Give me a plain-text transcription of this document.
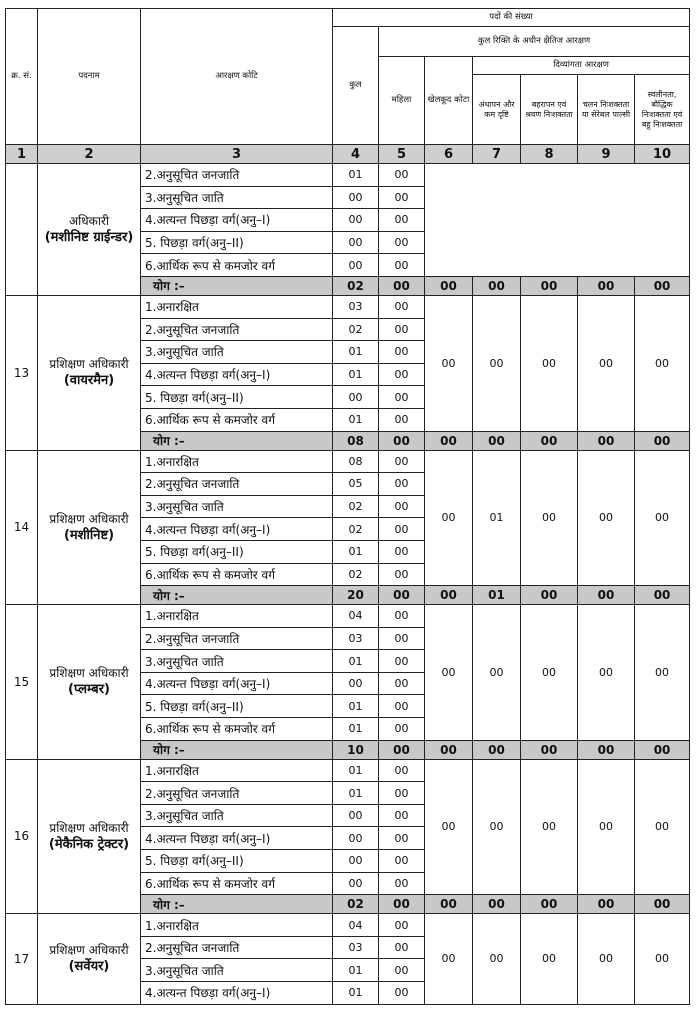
क्र. सं.	पदनाम	आरक्षण कोटि	पदों की संख्या						
			कुल	कुल रिक्ति के अधीन क्षैतिज आरक्षण					
				महिला	खेलकूद कोटा	दिव्यांगता आरक्षण			
						अंधापन और कम दृष्टि	बहरापन एवं श्रवण निःशक्तता	चलन निःशक्तता या सेरेबल पाल्सी	स्वलीनता, बौद्धिक निःशक्तता एवं बहु निःशक्तता
1	2	3	4	5	6	7	8	9	10

	अधिकारी
(मशीनिष्ट ग्राईन्डर)	2.अनुसूचित जनजाति	01	00					
		3.अनुसूचित जाति	00	00					
		4.अत्यन्त पिछड़ा वर्ग(अनु–I)	00	00					
		5. पिछड़ा वर्ग(अनु–II)	00	00					
		6.आर्थिक रूप से कमजोर वर्ग	00	00					
		योग :–	02	00	00	00	00	00	00
13	प्रशिक्षण अधिकारी
(वायरमैन)	1.अनारक्षित	03	00	00	00	00	00	00
		2.अनुसूचित जनजाति	02	00					
		3.अनुसूचित जाति	01	00					
		4.अत्यन्त पिछड़ा वर्ग(अनु–I)	01	00					
		5. पिछड़ा वर्ग(अनु–II)	00	00					
		6.आर्थिक रूप से कमजोर वर्ग	01	00					
		योग :–	08	00	00	00	00	00	00
14	प्रशिक्षण अधिकारी
(मशीनिष्ट)	1.अनारक्षित	08	00	00	01	00	00	00
		2.अनुसूचित जनजाति	05	00					
		3.अनुसूचित जाति	02	00					
		4.अत्यन्त पिछड़ा वर्ग(अनु–I)	02	00					
		5. पिछड़ा वर्ग(अनु–II)	01	00					
		6.आर्थिक रूप से कमजोर वर्ग	02	00					
		योग :–	20	00	00	01	00	00	00
15	प्रशिक्षण अधिकारी
(प्लम्बर)	1.अनारक्षित	04	00	00	00	00	00	00
		2.अनुसूचित जनजाति	03	00					
		3.अनुसूचित जाति	01	00					
		4.अत्यन्त पिछड़ा वर्ग(अनु–I)	00	00					
		5. पिछड़ा वर्ग(अनु–II)	01	00					
		6.आर्थिक रूप से कमजोर वर्ग	01	00					
		योग :–	10	00	00	00	00	00	00
16	प्रशिक्षण अधिकारी
(मेकैनिक ट्रेक्टर)	1.अनारक्षित	01	00	00	00	00	00	00
		2.अनुसूचित जनजाति	01	00					
		3.अनुसूचित जाति	00	00					
		4.अत्यन्त पिछड़ा वर्ग(अनु–I)	00	00					
		5. पिछड़ा वर्ग(अनु–II)	00	00					
		6.आर्थिक रूप से कमजोर वर्ग	00	00					
		योग :–	02	00	00	00	00	00	00
17	प्रशिक्षण अधिकारी
(सर्वेयर)	1.अनारक्षित	04	00	00	00	00	00	00
		2.अनुसूचित जनजाति	03	00					
		3.अनुसूचित जाति	01	00					
		4.अत्यन्त पिछड़ा वर्ग(अनु–I)	01	00					
